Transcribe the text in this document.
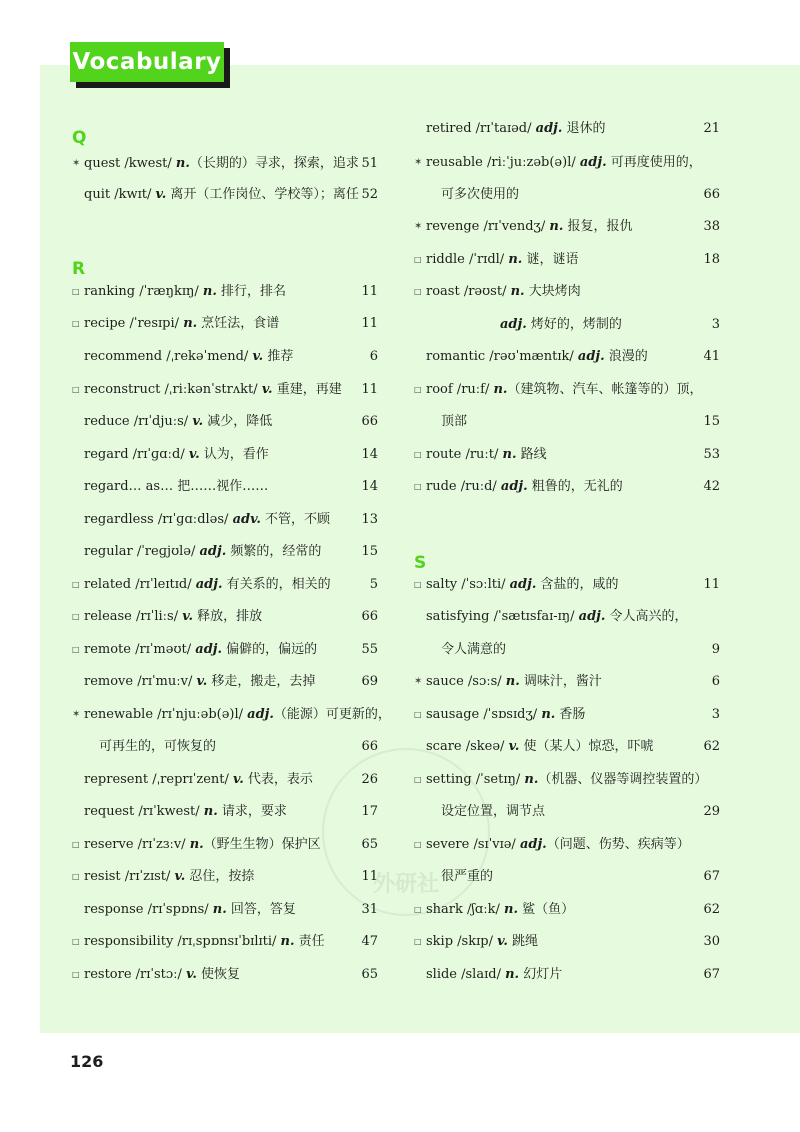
Vocabulary
外研社
Q
R
✶ quest /kwest/ n.（长期的）寻求，探索，追求 51
quit /kwɪt/ v. 离开（工作岗位、学校等）；离任 52
□ ranking /ˈræŋkɪŋ/ n. 排行，排名	11
□ recipe /ˈresɪpi/ n. 烹饪法，食谱	11
recommend /ˌrekəˈmend/ v. 推荐	6
□ reconstruct /ˌriːkənˈstrʌkt/ v. 重建，再建 11
reduce /rɪˈdjuːs/ v. 减少，降低	66
regard /rɪˈɡɑːd/ v. 认为，看作	14
regard… as… 把……视作……	14
regardless /rɪˈɡɑːdləs/ adv. 不管，不顾 13
regular /ˈreɡjʊlə/ adj. 频繁的，经常的	15
□ related /rɪˈleɪtɪd/ adj. 有关系的，相关的	5
□ release /rɪˈliːs/ v. 释放，排放	66
□ remote /rɪˈməʊt/ adj. 偏僻的，偏远的	55
remove /rɪˈmuːv/ v. 移走，搬走，去掉	69
✶ renewable /rɪˈnjuːəb(ə)l/ adj.（能源）可更新的，
可再生的，可恢复的	66
represent /ˌreprɪˈzent/ v. 代表，表示	26
request /rɪˈkwest/ n. 请求，要求	17
□ reserve /rɪˈzɜːv/ n.（野生生物）保护区	65
□ resist /rɪˈzɪst/ v. 忍住，按捺	11
response /rɪˈspɒns/ n. 回答，答复	31
□ responsibility /rɪˌspɒnsɪˈbɪlɪti/ n. 责任	47
□ restore /rɪˈstɔː/ v. 使恢复	65
S
retired /rɪˈtaɪəd/ adj. 退休的	21
✶ reusable /riːˈjuːzəb(ə)l/ adj. 可再度使用的，
可多次使用的	66
✶ revenge /rɪˈvendʒ/ n. 报复，报仇	38
□ riddle /ˈrɪdl/ n. 谜，谜语	18
□ roast /rəʊst/ n. 大块烤肉
adj. 烤好的，烤制的	3
romantic /rəʊˈmæntɪk/ adj. 浪漫的	41
□ roof /ruːf/ n.（建筑物、汽车、帐篷等的）顶，
顶部	15
□ route /ruːt/ n. 路线	53
□ rude /ruːd/ adj. 粗鲁的，无礼的	42
□ salty /ˈsɔːlti/ adj. 含盐的，咸的	11
satisfying /ˈsætɪsfaɪ-ɪŋ/ adj. 令人高兴的，
令人满意的	9
✶ sauce /sɔːs/ n. 调味汁，酱汁	6
□ sausage /ˈsɒsɪdʒ/ n. 香肠	3
scare /skeə/ v. 使（某人）惊恐，吓唬	62
□ setting /ˈsetɪŋ/ n.（机器、仪器等调控装置的）
设定位置，调节点	29
□ severe /sɪˈvɪə/ adj.（问题、伤势、疾病等）
很严重的	67
□ shark /ʃɑːk/ n. 鲨（鱼）	62
□ skip /skɪp/ v. 跳绳	30
slide /slaɪd/ n. 幻灯片	67
126
